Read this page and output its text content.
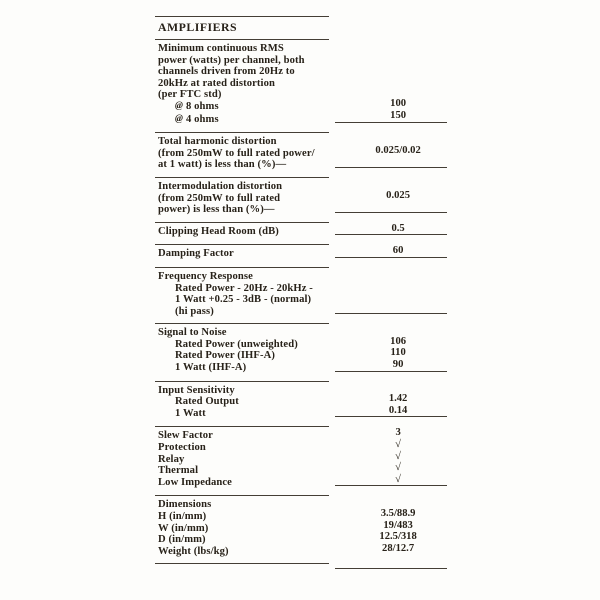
AMPLIFIERS
Minimum continuous RMS
power (watts) per channel, both
channels driven from 20Hz to
20kHz at rated distortion
(per FTC std)
@ 8 ohms
@ 4 ohms

100
150
Total harmonic distortion
(from 250mW to full rated power/
at 1 watt) is less than (%)—

0.025/0.02
Intermodulation distortion
(from 250mW to full rated
power) is less than (%)—

0.025
Clipping Head Room (dB)	0.5
Damping Factor	60
Frequency Response
Rated Power - 20Hz - 20kHz -
1 Watt +0.25 - 3dB - (normal)
(hi pass)
Signal to Noise
Rated Power (unweighted)
Rated Power (IHF-A)
1 Watt (IHF-A)

106
110
90
Input Sensitivity
Rated Output
1 Watt

1.42
0.14
Slew Factor
Protection
Relay
Thermal
Low Impedance
3
√
√
√
√
Dimensions
H (in/mm)
W (in/mm)
D (in/mm)
Weight (lbs/kg)

3.5/88.9
19/483
12.5/318
28/12.7
